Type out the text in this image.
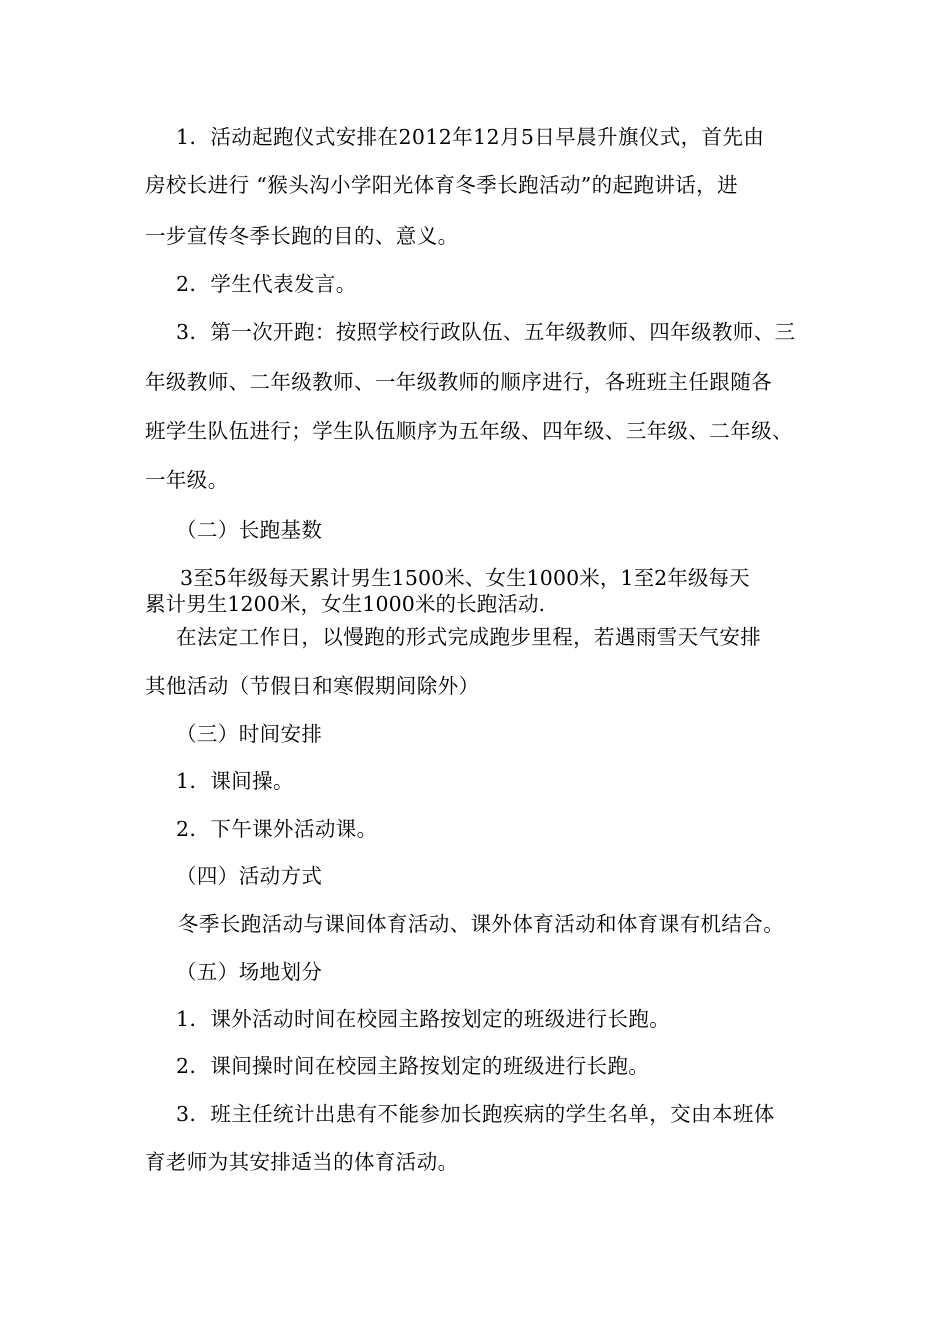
1．活动起跑仪式安排在2012年12月5日早晨升旗仪式，首先由
房校长进行 “猴头沟小学阳光体育冬季长跑活动”的起跑讲话，进
一步宣传冬季长跑的目的、意义。
2．学生代表发言。
3．第一次开跑：按照学校行政队伍、五年级教师、四年级教师、三
年级教师、二年级教师、一年级教师的顺序进行，各班班主任跟随各
班学生队伍进行；学生队伍顺序为五年级、四年级、三年级、二年级、
一年级。
（二）长跑基数
3至5年级每天累计男生1500米、女生1000米，1至2年级每天
累计男生1200米，女生1000米的长跑活动.
在法定工作日，以慢跑的形式完成跑步里程，若遇雨雪天气安排
其他活动（节假日和寒假期间除外）
（三）时间安排
1．课间操。
2．下午课外活动课。
（四）活动方式
冬季长跑活动与课间体育活动、课外体育活动和体育课有机结合。
（五）场地划分
1．课外活动时间在校园主路按划定的班级进行长跑。
2．课间操时间在校园主路按划定的班级进行长跑。
3．班主任统计出患有不能参加长跑疾病的学生名单，交由本班体
育老师为其安排适当的体育活动。
